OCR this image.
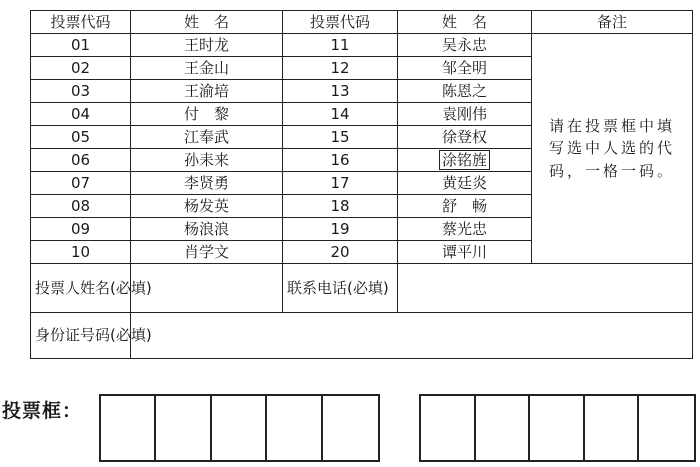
投票代码	姓　名	投票代码	姓　名	备注
01	王时龙	11	吴永忠	请在投票框中填写选中人选的代码，一格一码。
02	王金山	12	邹全明	
03	王渝培	13	陈恩之	
04	付　黎	14	袁刚伟	
05	江奉武	15	徐登权	
06	孙耒来	16	涂铭旌	
07	李贤勇	17	黄廷炎	
08	杨发英	18	舒　畅	
09	杨浪浪	19	蔡光忠	
10	肖学文	20	谭平川	
投票人姓名(必填)		联系电话(必填)		
身份证号码(必填)				
投票框：
